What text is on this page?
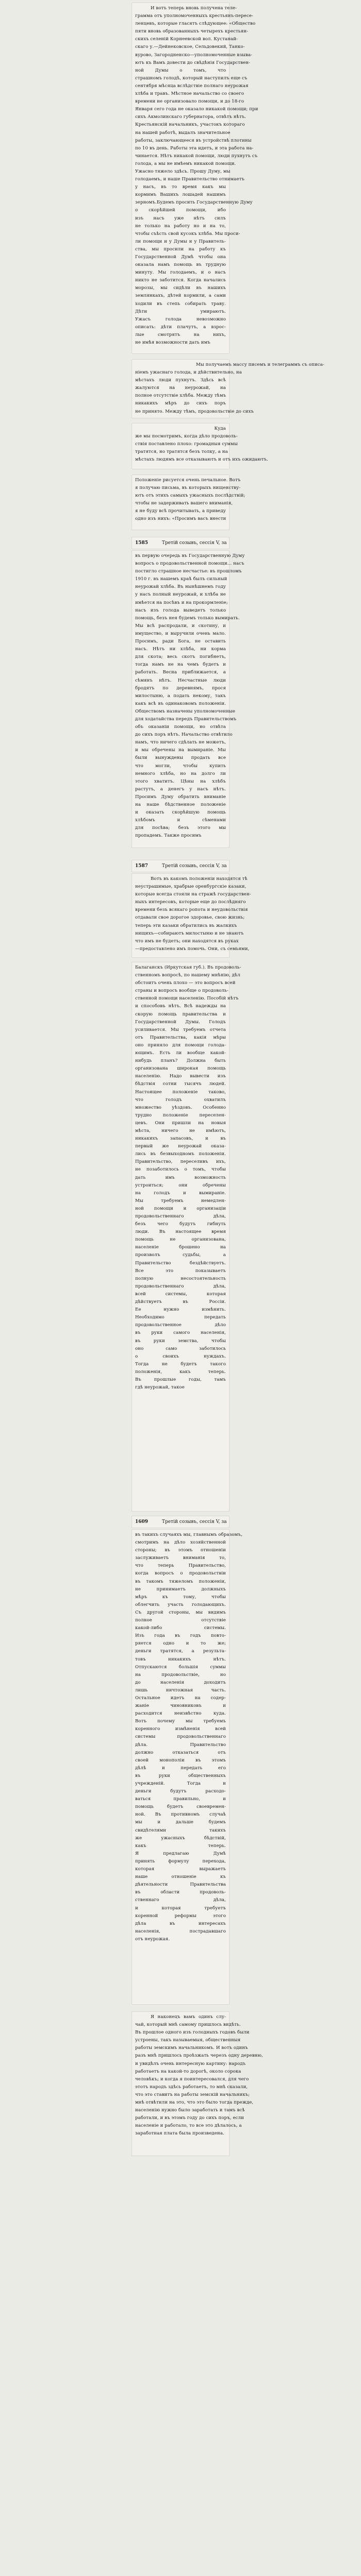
И вотъ теперь вновь получена теле-
грамма отъ уполномоченныхъ крестьянъ-пересе-
ленцевъ, которые гласятъ слѣдующее: «Общество
пяти вновь образованныхъ четырехъ крестьян-
скихъ селеній Корнеевской вол. Кустанай-
скаго у.—Дейнековское, Сельдовекий, Танко-
вурово, Загородненско—уполномоченные взыва-
ютъ къ Вамъ довести до свѣдѣнія Государствен-
ной Думы о томъ, что
страшномъ голодѣ, который наступилъ еще съ
сентября мѣсяца вслѣдствіе полнаго неурожая
хлѣба и травъ. Мѣстное начальство со своего
времени не организовало помощи, и до 18-го
Января сего года не оказало никакой помощи; при
сихъ Акмолинскаго губернатора, отвѣтъ нѣтъ.
Крестьянскій начальникъ, участокъ котораго
на нашей работѣ, выдалъ значительное
работы, заключающееся въ устройствѣ плотины
по 10 въ день. Работы эта идетъ, и эта работа на-
чинается. Нѣтъ никакой помощи, люди пухнутъ съ
голода, а мы не имѣемъ никакой помощи.
Ужасно тяжело здѣсь. Прошу Думу, мы
голодаемъ, и наше Правительство отнимаетъ
у насъ, въ то время какъ мы
кормимъ Вашихъ лошадей нашимъ
зерномъ.Будемъ просить Государственную Думу
о скорѣйшей помощи, ибо
изъ насъ уже нѣтъ силъ
не только на работу но и на то,
чтобы съѣсть свой кусокъ хлѣба. Мы проси-
ли помощи и у Думы и у Правитель-
ства, мы просили на работу къ
Государственной Думѣ чтобы она
оказала намъ помощь въ трудную
минуту. Мы голодаемъ, и о насъ
никто не заботится. Когда начались
морозы, мы сидѣли въ нашихъ
землянкахъ, дѣтей кормили, а сами
ходили въ степь собирать траву.
Дѣти умираютъ.
Ужасъ голода невозможно
описать: дѣти плачутъ, а взрос-
лые смотрятъ на нихъ,
не имѣя возможности дать имъ
Мы получаемъ массу писемъ и телеграммъ съ описа-
ніемъ ужаснаго голода, и дѣйствительно, на
мѣстахъ люди пухнутъ. Здѣсь всѣ
жалуются на неурожай, на
полное отсутствіе хлѣба. Между тѣмъ
никакихъ мѣръ до сихъ поръ
не принято. Между тѣмъ, продовольствіе до сихъ
Куда
же мы посмотримъ, когда дѣло продоволь-
ствія поставлено плохо: громадныя суммы
тратятся, но тратятся безъ толку, а на
мѣстахъ людямъ все отказываютъ и отъ ихъ ожидаютъ.
Положеніе рисуется очень печальное. Вотъ
я получаю письма, въ которыхъ нищенству-
ютъ отъ этихъ самыхъ ужасныхъ послѣдствій;
чтобы не задерживать вашего вниманія,
я не буду всѣ прочитывать, а приведу
одно изъ нихъ: «Просимъ васъ внести
1585	Третій созывъ, сессія V, за
въ первую очередь въ Государственную Думу
вопросъ о продовольственной помощи... насъ
постигло страшное несчастье: въ прошломъ
1910 г. въ нашемъ краѣ былъ сильный
неурожай хлѣба. Въ нынѣшнемъ году
у насъ полный неурожай, и хлѣба не
имѣется на посѣвъ и на прокормленіе;
насъ изъ голода выведетъ только
помощь, безъ нея будемъ только вымирать.
Мы всѣ распродали, и скотину, и
имущество, и выручили очень мало.
Просимъ, ради Бога, не оставить
насъ. Нѣтъ ни хлѣба, ни корма
для скота; весь скотъ погибнетъ,
тогда намъ не на чемъ будетъ и
работать. Весна приближается, а
сѣмянъ нѣтъ. Несчастные люди
бродятъ по деревнямъ, прося
милостыню, а подать некому, такъ
какъ всѣ въ одинаковомъ положеніи.
Обществомъ назначены уполномоченные
для ходатайства передъ Правительствомъ
объ оказаніи помощи, но отвѣта
до сихъ поръ нѣтъ. Начальство отвѣтило
намъ, что ничего сдѣлать не можетъ,
и мы обречены на вымираніе. Мы
были вынуждены продать все
что могли, чтобы купить
немного хлѣба, но на долго ли
этого хватитъ. Цѣны на хлѣбъ
растутъ, а денегъ у насъ нѣтъ.
Просимъ Думу обратить вниманіе
на наше бѣдственное положеніе
и оказать скорѣйшую помощь
хлѣбомъ и сѣменами
для посѣва; безъ этого мы
пропадемъ. Также просимъ
1587	Третій созывъ, сессія V, за
Вотъ въ какомъ положеніи находятся тѣ
неустрашимые, храбрые оренбургскіе казаки,
которые всегда стояли на стражѣ государствен-
ныхъ интересовъ, которые еще до послѣдняго
времени безъ всякаго ропота и неудовольствія
отдавали свое дорогое здоровье, свою жизнь;
теперь эти казаки обратились въ жалкихъ
нищихъ—собираютъ милостыню и не знаютъ
что имъ не будетъ; они находятся въ руках
—предоставлено имъ помочь. Они, съ семьями,
Балаганскъ (Иркутская губ.). Въ продоволь-
ственномъ вопросѣ, по нашему мнѣнію, дѣл
обстоитъ очень плохо — это вопросъ всей
страны и вопросъ вообще о продоволь-
ственной помощи населенію. Пособій нѣтъ
и способовъ нѣтъ. Всѣ надежды на
скорую помощь правительства и
Государственной Думы. Голодъ
усиливается. Мы требуемъ отчета
отъ Правительства, какія мѣры
оно приняло для помощи голода-
ющимъ. Есть ли вообще какой-
нибудь планъ? Должна быть
организована широкая помощь
населенію. Надо вывести изъ
бѣдствія сотни тысячъ людей.
Настоящее положеніе таково,
что голодъ охватилъ
множество уѣздовъ. Особенно
трудно положеніе переселен-
цевъ. Они пришли на новыя
мѣста, ничего не имѣютъ,
никакихъ запасовъ, и въ
первый же неурожай оказа-
лись въ безвыходномъ положеніи.
Правительство, переселивъ ихъ,
не позаботилось о томъ, чтобы
дать имъ возможность
устроиться; они обречены
на голодъ и вымираніе.
Мы требуемъ немедлен-
ной помощи и организаціи
продовольственнаго дѣла,
безъ чего будутъ гибнуть
люди. Въ настоящее время
помощь не организована,
населеніе брошено на
произволъ судьбы, а
Правительство бездѣйствуетъ.
Все это показываетъ
полную несостоятельность
продовольственнаго дѣла,
всей системы, которая
дѣйствуетъ въ Россіи.
Ее нужно измѣнить.
Необходимо передать
продовольственное дѣло
въ руки самого населенія,
въ руки земства, чтобы
оно само заботилось
о своихъ нуждахъ.
Тогда не будетъ такого
положенія, какъ теперь.
Въ прошлые годы, тамъ
гдѣ неурожай, такое
1609	Третій созывъ, сессія V, за
въ такихъ случаяхъ мы, главнымъ образомъ,
смотримъ на дѣло хозяйственной
стороны; въ этомъ отношеніи
заслуживаетъ вниманія то,
что теперь Правительство,
когда вопросъ о продовольствіи
въ такомъ тяжеломъ положеніи,
не принимаетъ должныхъ
мѣръ къ тому, чтобы
облегчить участь голодающихъ.
Съ другой стороны, мы видимъ
полное отсутствіе
какой-либо системы.
Изъ года въ годъ повто-
ряется одно и то же;
деньги тратятся, а результа-
товъ никакихъ нѣтъ.
Отпускаются большія суммы
на продовольствіе, но
до населенія доходитъ
лишь ничтожная часть.
Остальное идетъ на содер-
жаніе чиновниковъ и
расходится неизвѣстно куда.
Вотъ почему мы требуемъ
коренного измѣненія всей
системы продовольственнаго
дѣла. Правительство
должно отказаться отъ
своей монополіи въ этомъ
дѣлѣ и передать его
въ руки общественныхъ
учрежденій. Тогда и
деньги будутъ расходо-
ваться правильно, и
помощь будетъ своевремен-
ной. Въ противномъ случаѣ
мы и дальше будемъ
свидѣтелями такихъ
же ужасныхъ бѣдствій,
какъ теперь.
Я предлагаю Думѣ
принять формулу перехода,
которая выражаетъ
наше отношеніе къ
дѣятельности Правительства
въ области продоволь-
ственнаго дѣла,
и которая требуетъ
коренной реформы этого
дѣла въ интересахъ
населенія, пострадавшаго
отъ неурожая.
Я наконецъ вамъ одинъ слу-
чай, который мнѣ самому пришлось видѣть.
Въ прошлое одного изъ голодныхъ годовъ были
устроены, такъ называемыя, общественныя
работы земскимъ начальникомъ. И вотъ одинъ
разъ мнѣ пришлось проѣзжать черезъ одну деревню,
и увидѣлъ очень интересную картину: народъ
работаетъ на какой-то дорогѣ, около сорока
человѣкъ; и когда я поинтересовался, для чего
этотъ народъ здѣсь работаетъ, то мнѣ сказали,
что это ставитъ на работы земскій начальникъ;
мнѣ отвѣтили на это, что это было тогда прежде,
населенію нужно было заработать и тамъ всѣ
работали, и въ этомъ году до сихъ поръ, если
населеніе и работало, то все это дѣлалось, а
заработная плата была произведена.
